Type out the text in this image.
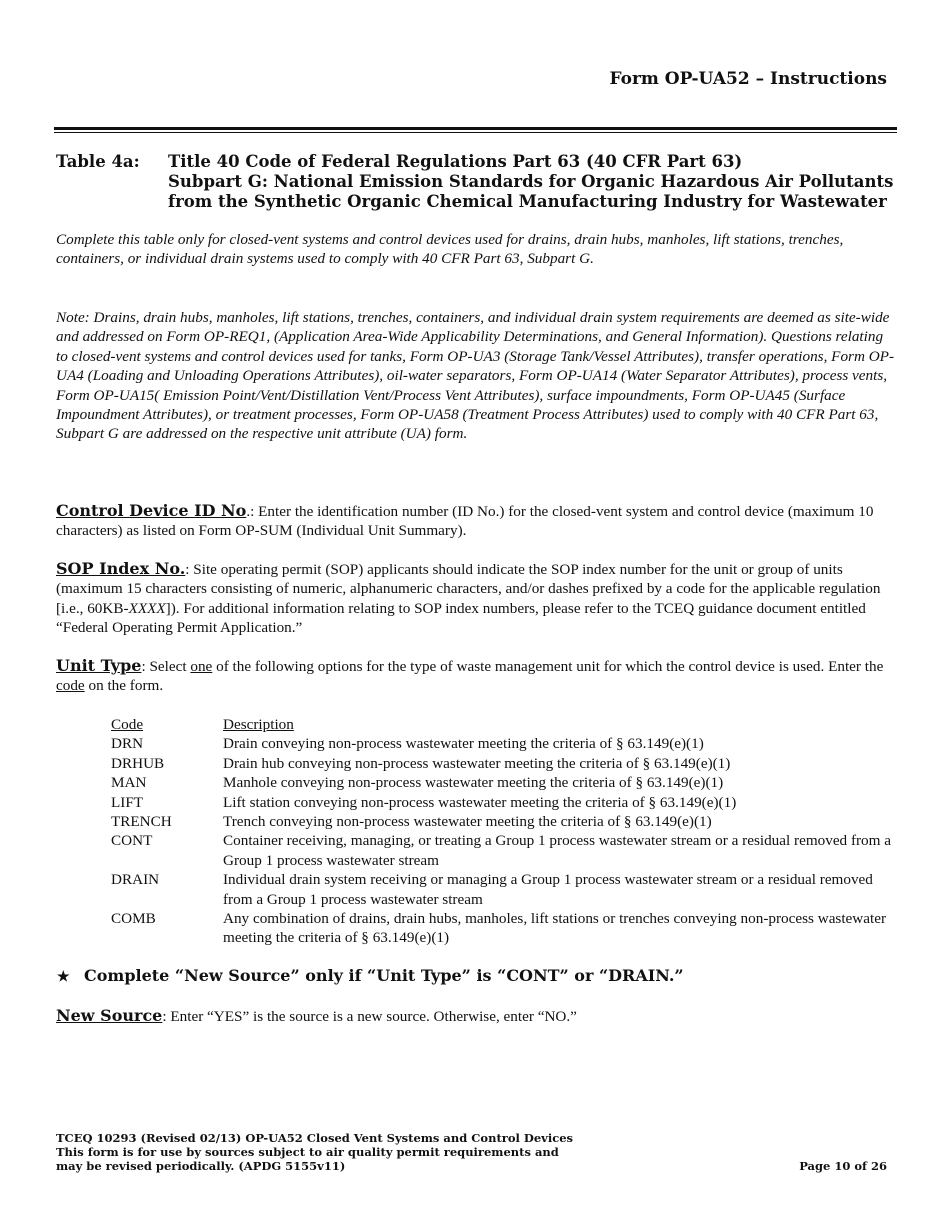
Form OP-UA52 – Instructions
Table 4a: Title 40 Code of Federal Regulations Part 63 (40 CFR Part 63)
Subpart G: National Emission Standards for Organic Hazardous Air Pollutants
from the Synthetic Organic Chemical Manufacturing Industry for Wastewater
Complete this table only for closed-vent systems and control devices used for drains, drain hubs, manholes, lift stations, trenches, containers, or individual drain systems used to comply with 40 CFR Part 63, Subpart G.
Note: Drains, drain hubs, manholes, lift stations, trenches, containers, and individual drain system requirements are deemed as site-wide and addressed on Form OP-REQ1, (Application Area-Wide Applicability Determinations, and General Information). Questions relating to closed-vent systems and control devices used for tanks, Form OP-UA3 (Storage Tank/Vessel Attributes), transfer operations, Form OP-UA4 (Loading and Unloading Operations Attributes), oil-water separators, Form OP-UA14 (Water Separator Attributes), process vents, Form OP-UA15( Emission Point/Vent/Distillation Vent/Process Vent Attributes), surface impoundments, Form OP-UA45 (Surface Impoundment Attributes), or treatment processes, Form OP-UA58 (Treatment Process Attributes) used to comply with 40 CFR Part 63, Subpart G are addressed on the respective unit attribute (UA) form.
Control Device ID No.: Enter the identification number (ID No.) for the closed-vent system and control device (maximum 10 characters) as listed on Form OP-SUM (Individual Unit Summary).
SOP Index No.: Site operating permit (SOP) applicants should indicate the SOP index number for the unit or group of units (maximum 15 characters consisting of numeric, alphanumeric characters, and/or dashes prefixed by a code for the applicable regulation [i.e., 60KB-XXXX]). For additional information relating to SOP index numbers, please refer to the TCEQ guidance document entitled “Federal Operating Permit Application.”
Unit Type: Select one of the following options for the type of waste management unit for which the control device is used. Enter the code on the form.
Code	Description
DRN	Drain conveying non-process wastewater meeting the criteria of § 63.149(e)(1)
DRHUB	Drain hub conveying non-process wastewater meeting the criteria of § 63.149(e)(1)
MAN	Manhole conveying non-process wastewater meeting the criteria of § 63.149(e)(1)
LIFT	Lift station conveying non-process wastewater meeting the criteria of § 63.149(e)(1)
TRENCH	Trench conveying non-process wastewater meeting the criteria of § 63.149(e)(1)
CONT	Container receiving, managing, or treating a Group 1 process wastewater stream or a residual removed from a Group 1 process wastewater stream
DRAIN	Individual drain system receiving or managing a Group 1 process wastewater stream or a residual removed from a Group 1 process wastewater stream
COMB	Any combination of drains, drain hubs, manholes, lift stations or trenches conveying non-process wastewater meeting the criteria of § 63.149(e)(1)
★ Complete “New Source” only if “Unit Type” is “CONT” or “DRAIN.”
New Source: Enter “YES” is the source is a new source. Otherwise, enter “NO.”
TCEQ 10293 (Revised 02/13) OP-UA52 Closed Vent Systems and Control Devices
This form is for use by sources subject to air quality permit requirements and
may be revised periodically. (APDG 5155v11)	Page 10 of 26
